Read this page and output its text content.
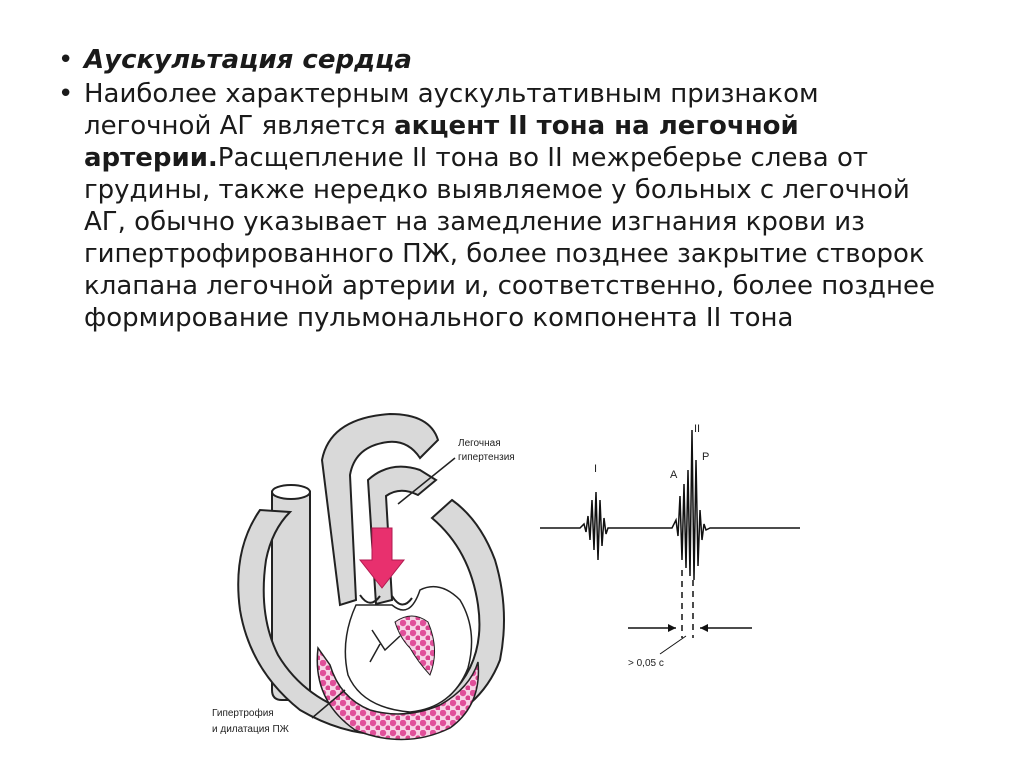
• Аускультация сердца
• Наиболее характерным аускультативным признаком легочной АГ является акцент II тона на легочной артерии.Расщепление II тона во II межреберье слева от грудины, также нередко выявляемое у больных с легочной АГ, обычно указывает на замедление изгнания крови из гипертрофированного ПЖ, более позднее закрытие створок клапана легочной артерии и, соответственно, более позднее формирование пульмонального компонента II тона
Легочная
гипертензия
Гипертрофия
и дилатация ПЖ
I
II
A
P
> 0,05 с
